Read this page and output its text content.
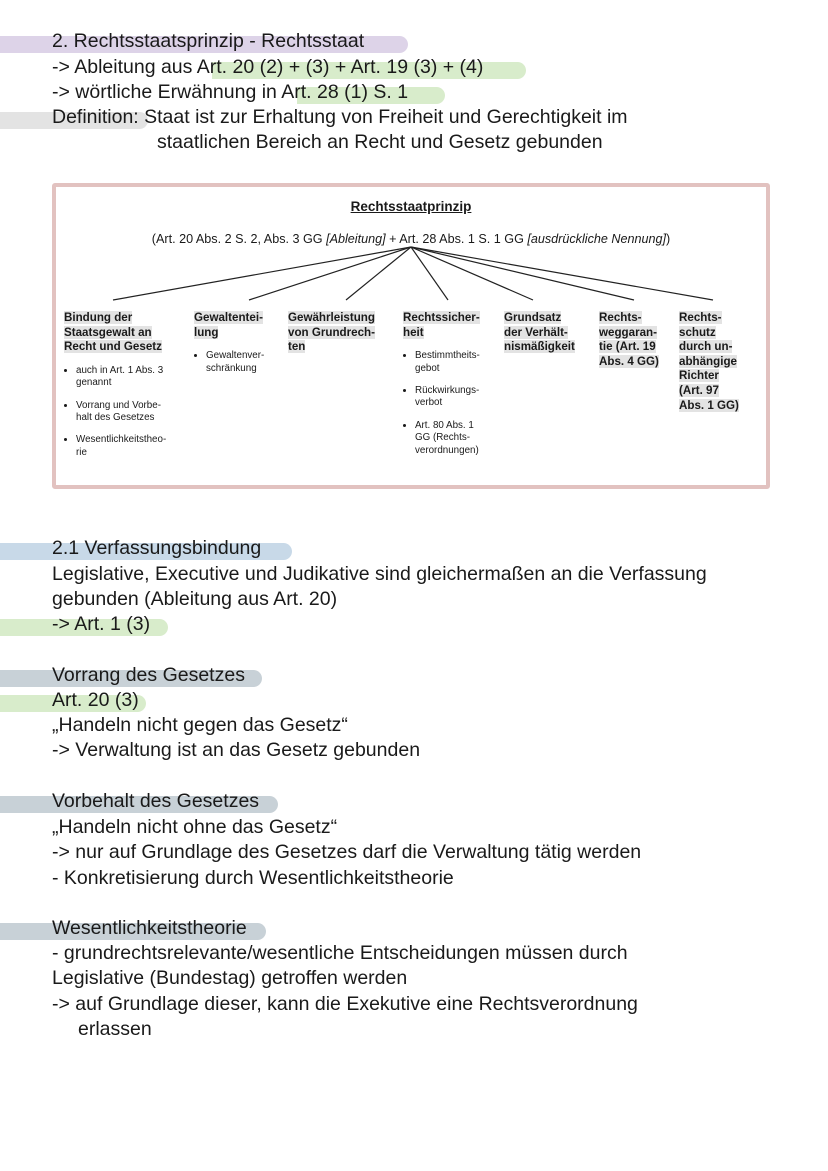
2. Rechtsstaatsprinzip - Rechtsstaat
-> Ableitung aus Art. 20 (2) + (3) + Art. 19 (3) + (4)
-> wörtliche Erwähnung in Art. 28 (1) S. 1
Definition: Staat ist zur Erhaltung von Freiheit und Gerechtigkeit im
staatlichen Bereich an Recht und Gesetz gebunden
Rechtsstaatprinzip
(Art. 20 Abs. 2 S. 2, Abs. 3 GG [Ableitung] + Art. 28 Abs. 1 S. 1 GG [ausdrückliche Nennung])
Bindung der
Staatsgewalt an
Recht und Gesetz
• auch in Art. 1 Abs. 3
genannt
• Vorrang und Vorbe-
halt des Gesetzes
• Wesentlichkeitstheo-
rie
Gewaltentei-
lung
• Gewaltenver-
schränkung
Gewährleistung
von Grundrech-
ten
Rechtssicher-
heit
• Bestimmtheits-
gebot
• Rückwirkungs-
verbot
• Art. 80 Abs. 1
GG (Rechts-
verordnungen)
Grundsatz
der Verhält-
nismäßigkeit
Rechts-
weggaran-
tie (Art. 19
Abs. 4 GG)
Rechts-
schutz
durch un-
abhängige
Richter
(Art. 97
Abs. 1 GG)
2.1 Verfassungsbindung
Legislative, Executive und Judikative sind gleichermaßen an die Verfassung
gebunden (Ableitung aus Art. 20)
-> Art. 1 (3)
Vorrang des Gesetzes
Art. 20 (3)
„Handeln nicht gegen das Gesetz“
-> Verwaltung ist an das Gesetz gebunden
Vorbehalt des Gesetzes
„Handeln nicht ohne das Gesetz“
-> nur auf Grundlage des Gesetzes darf die Verwaltung tätig werden
- Konkretisierung durch Wesentlichkeitstheorie
Wesentlichkeitstheorie
- grundrechtsrelevante/wesentliche Entscheidungen müssen durch
Legislative (Bundestag) getroffen werden
-> auf Grundlage dieser, kann die Exekutive eine Rechtsverordnung
erlassen
